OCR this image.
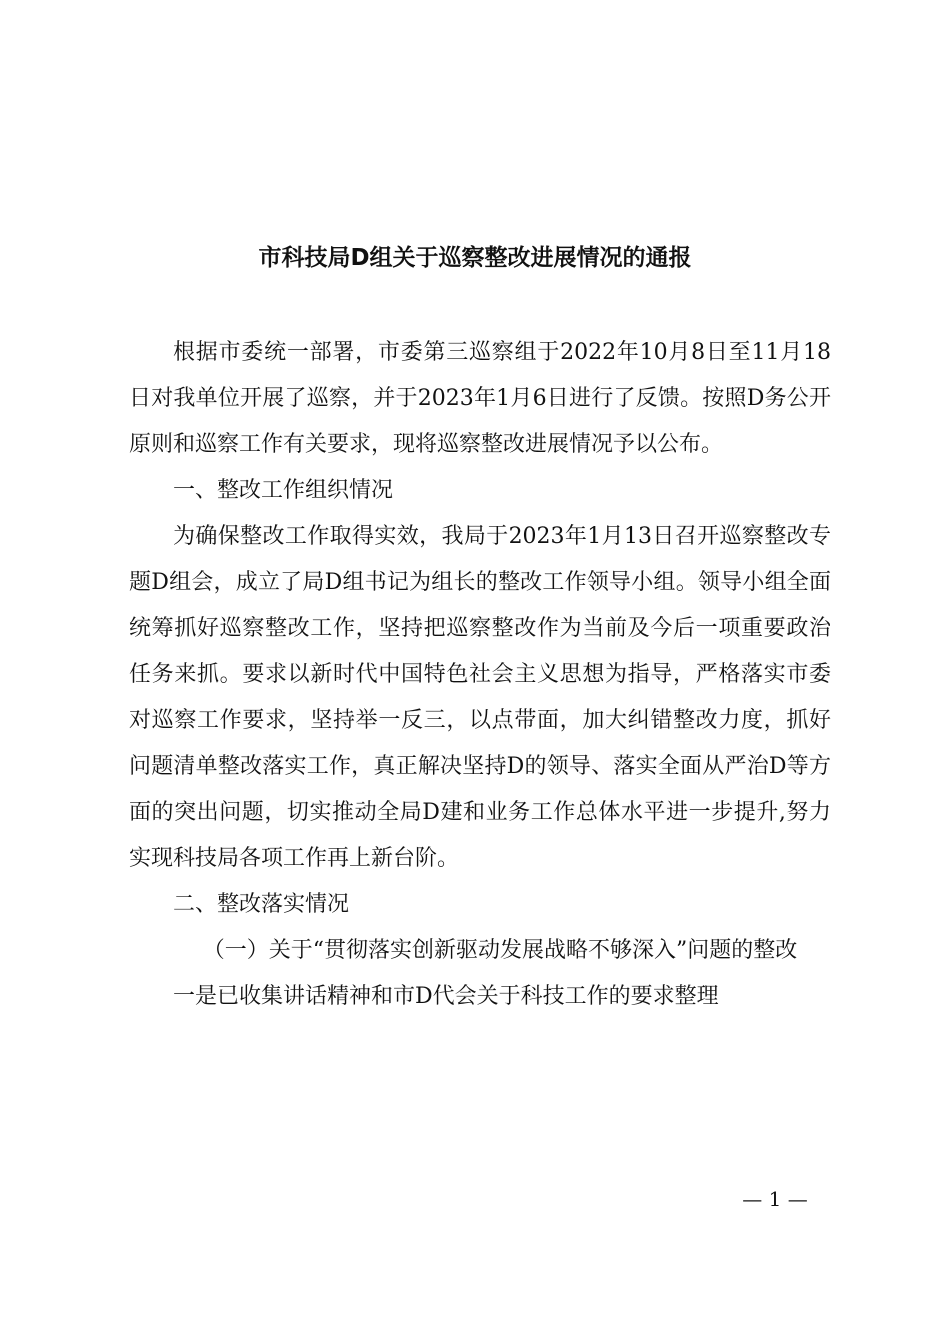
市科技局D组关于巡察整改进展情况的通报

根据市委统一部署，市委第三巡察组于2022年10月8日至11月18日对我单位开展了巡察，并于2023年1月6日进行了反馈。按照D务公开原则和巡察工作有关要求，现将巡察整改进展情况予以公布。

一、整改工作组织情况

为确保整改工作取得实效，我局于2023年1月13日召开巡察整改专题D组会，成立了局D组书记为组长的整改工作领导小组。领导小组全面统筹抓好巡察整改工作，坚持把巡察整改作为当前及今后一项重要政治任务来抓。要求以新时代中国特色社会主义思想为指导，严格落实市委对巡察工作要求，坚持举一反三，以点带面，加大纠错整改力度，抓好问题清单整改落实工作，真正解决坚持D的领导、落实全面从严治D等方面的突出问题，切实推动全局D建和业务工作总体水平进一步提升,努力实现科技局各项工作再上新台阶。

二、整改落实情况
（一）关于“贯彻落实创新驱动发展战略不够深入”问题的整改

一是已收集讲话精神和市D代会关于科技工作的要求整理

— 1 —
